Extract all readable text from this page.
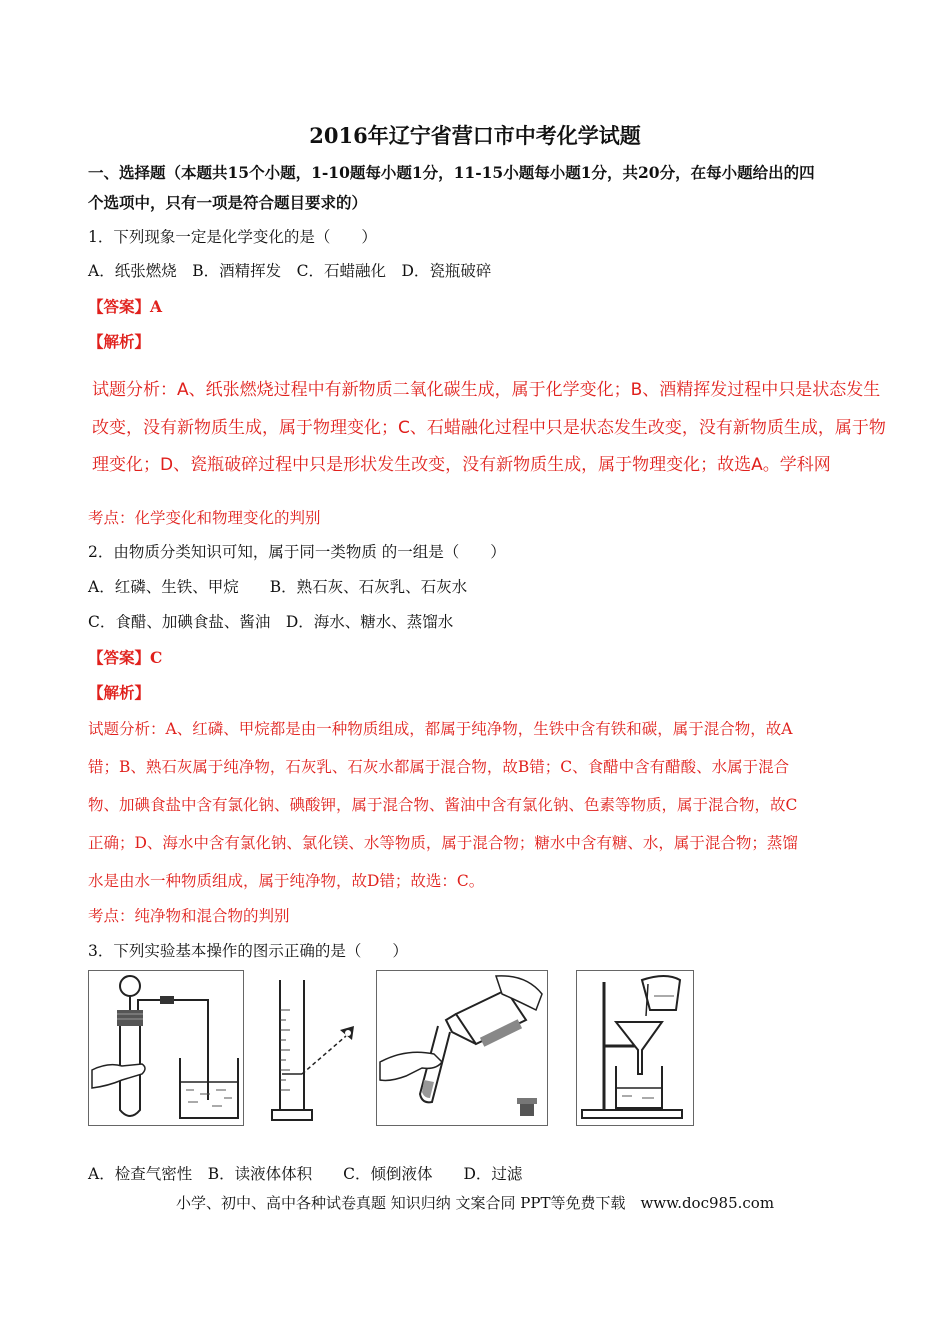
2016年辽宁省营口市中考化学试题
一、选择题（本题共15个小题，1-10题每小题1分，11-15小题每小题1分，共20分，在每小题给出的四
个选项中，只有一项是符合题目要求的）
1．下列现象一定是化学变化的是（　　）
A．纸张燃烧　B．酒精挥发　C．石蜡融化　D．瓷瓶破碎
【答案】A
【解析】
试题分析：A、纸张燃烧过程中有新物质二氧化碳生成，属于化学变化；B、酒精挥发过程中只是状态发生
改变，没有新物质生成，属于物理变化；C、石蜡融化过程中只是状态发生改变，没有新物质生成，属于物
理变化；D、瓷瓶破碎过程中只是形状发生改变，没有新物质生成，属于物理变化；故选A。学科网
考点：化学变化和物理变化的判别
2．由物质分类知识可知，属于同一类物质 的一组是（　　）
A．红磷、生铁、甲烷　　B．熟石灰、石灰乳、石灰水
C．食醋、加碘食盐、酱油　D．海水、糖水、蒸馏水
【答案】C
【解析】
试题分析：A、红磷、甲烷都是由一种物质组成，都属于纯净物，生铁中含有铁和碳，属于混合物，故A
错；B、熟石灰属于纯净物，石灰乳、石灰水都属于混合物，故B错；C、食醋中含有醋酸、水属于混合
物、加碘食盐中含有氯化钠、碘酸钾，属于混合物、酱油中含有氯化钠、色素等物质，属于混合物，故C
正确；D、海水中含有氯化钠、氯化镁、水等物质，属于混合物；糖水中含有糖、水，属于混合物；蒸馏
水是由水一种物质组成，属于纯净物，故D错；故选：C。
考点：纯净物和混合物的判别
3．下列实验基本操作的图示正确的是（　　）
A．检查气密性　B．读液体体积　　C．倾倒液体　　D．过滤
小学、初中、高中各种试卷真题 知识归纳 文案合同 PPT等免费下载　www.doc985.com
